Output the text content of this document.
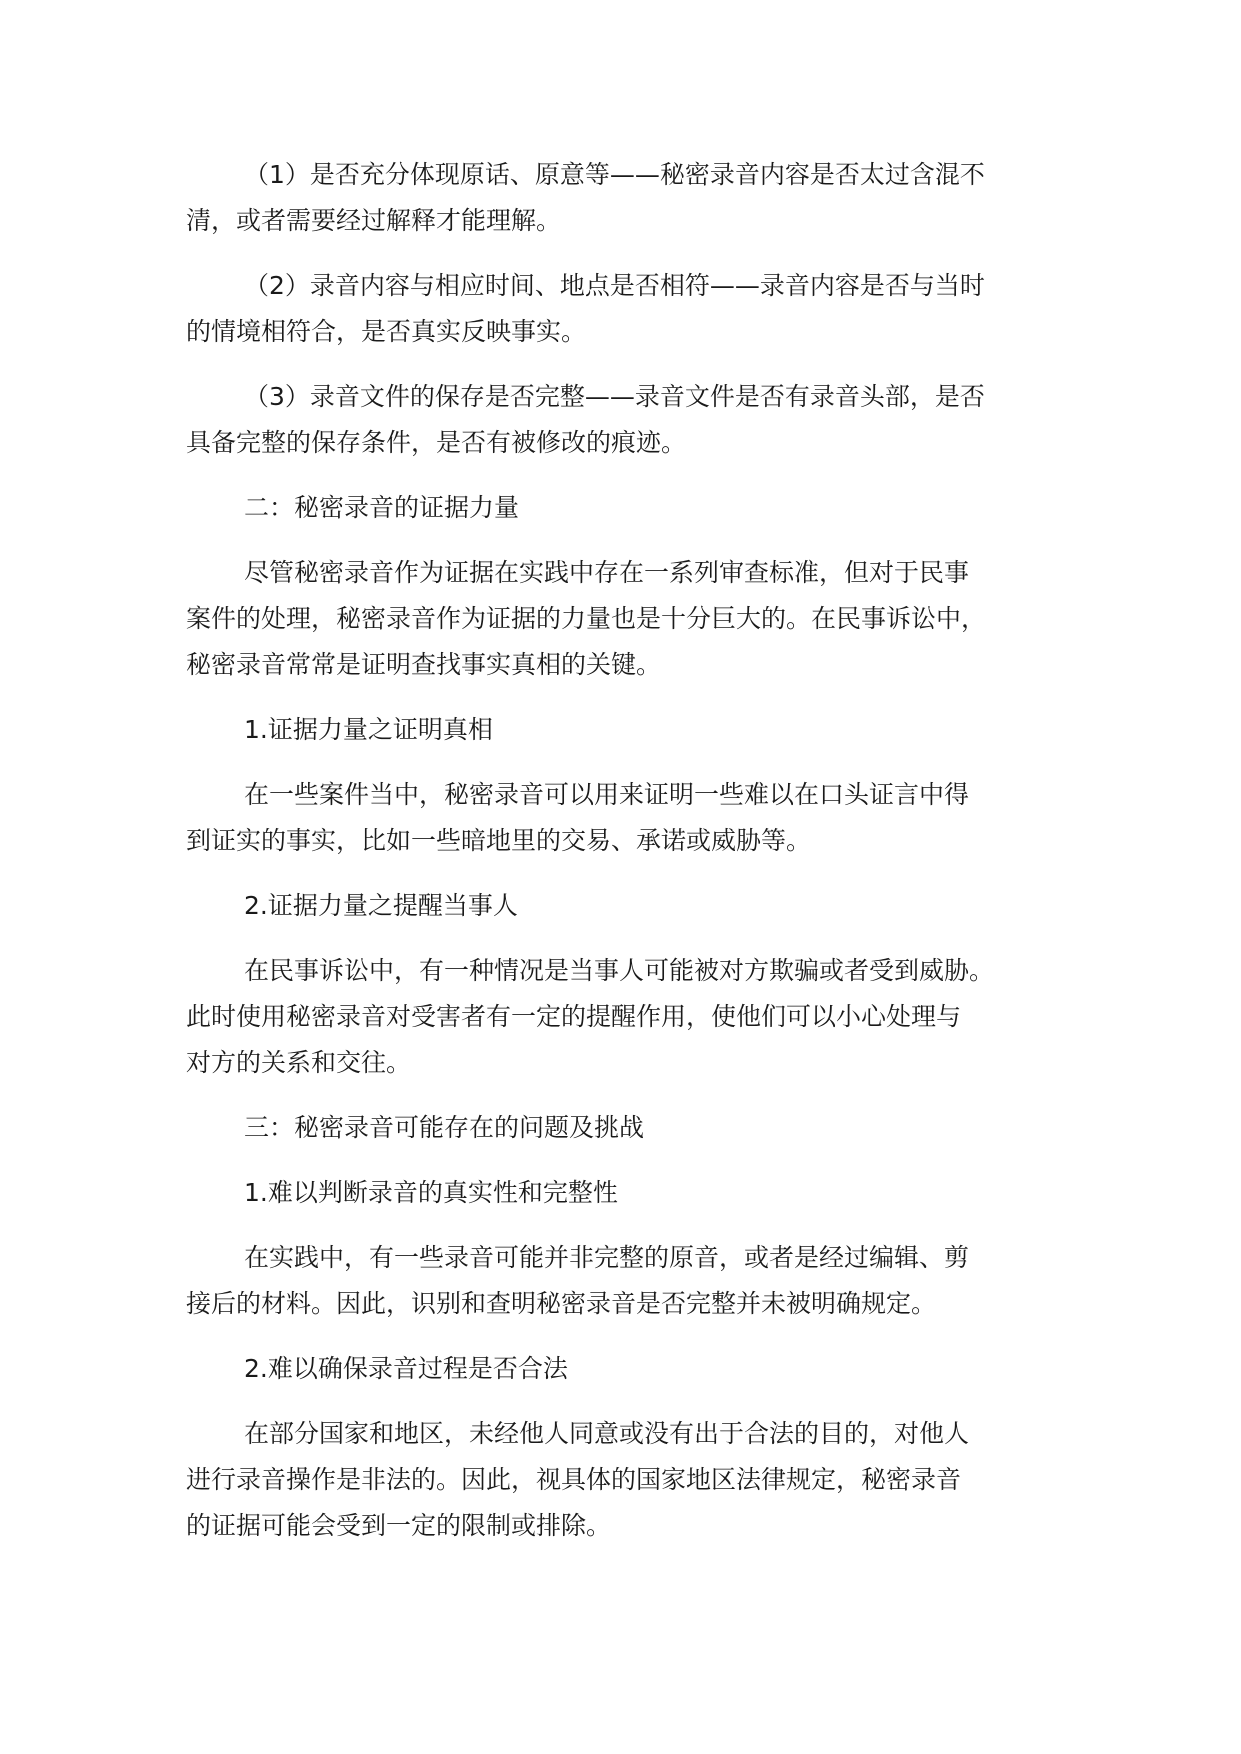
（1）是否充分体现原话、原意等——秘密录音内容是否太过含混不
清，或者需要经过解释才能理解。
（2）录音内容与相应时间、地点是否相符——录音内容是否与当时
的情境相符合，是否真实反映事实。
（3）录音文件的保存是否完整——录音文件是否有录音头部，是否
具备完整的保存条件，是否有被修改的痕迹。
二：秘密录音的证据力量
尽管秘密录音作为证据在实践中存在一系列审查标准，但对于民事
案件的处理，秘密录音作为证据的力量也是十分巨大的。在民事诉讼中，
秘密录音常常是证明查找事实真相的关键。
1.证据力量之证明真相
在一些案件当中，秘密录音可以用来证明一些难以在口头证言中得
到证实的事实，比如一些暗地里的交易、承诺或威胁等。
2.证据力量之提醒当事人
在民事诉讼中，有一种情况是当事人可能被对方欺骗或者受到威胁。
此时使用秘密录音对受害者有一定的提醒作用，使他们可以小心处理与
对方的关系和交往。
三：秘密录音可能存在的问题及挑战
1.难以判断录音的真实性和完整性
在实践中，有一些录音可能并非完整的原音，或者是经过编辑、剪
接后的材料。因此，识别和查明秘密录音是否完整并未被明确规定。
2.难以确保录音过程是否合法
在部分国家和地区，未经他人同意或没有出于合法的目的，对他人
进行录音操作是非法的。因此，视具体的国家地区法律规定，秘密录音
的证据可能会受到一定的限制或排除。
